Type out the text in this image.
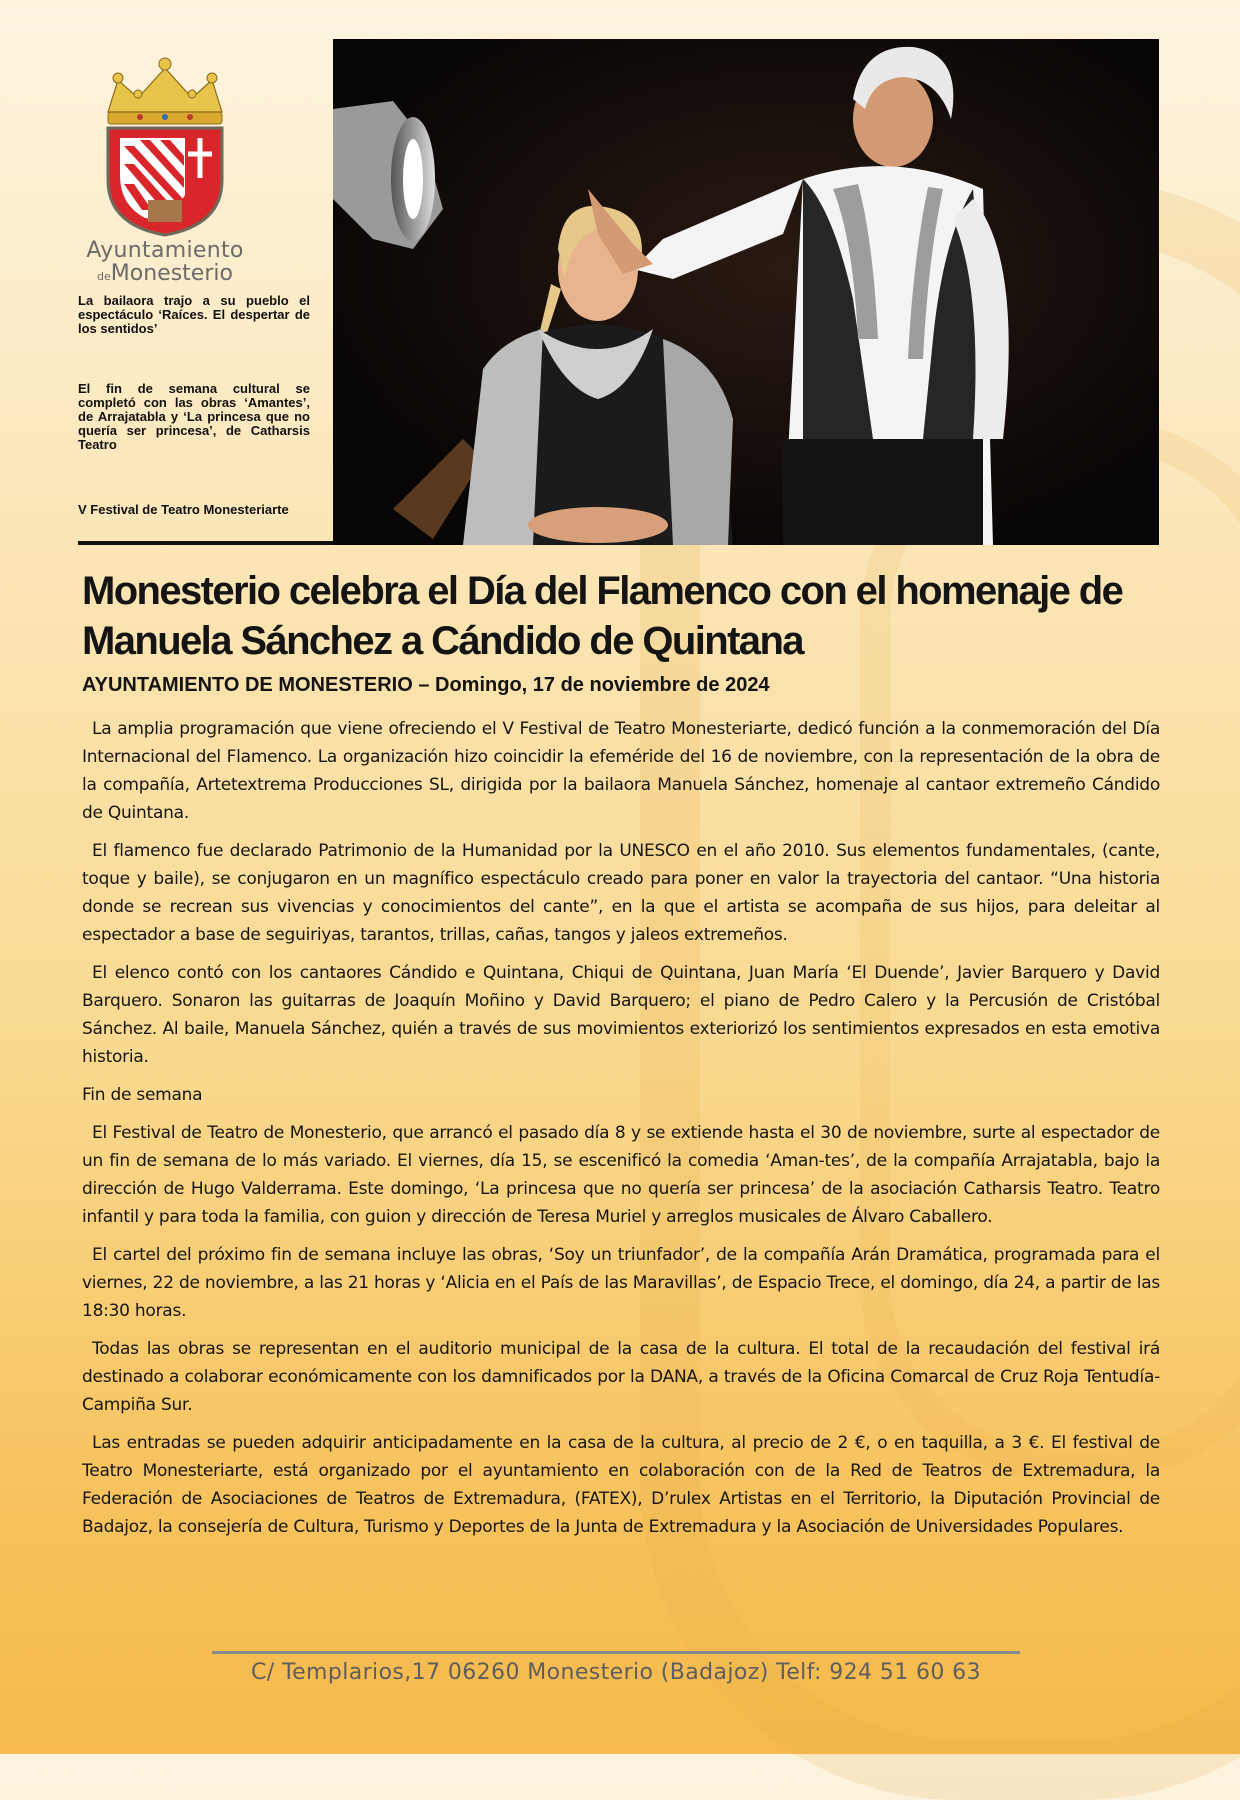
Ayuntamiento
deMonesterio

La bailaora trajo a su pueblo el espectáculo ‘Raíces. El despertar de los sentidos’

El fin de semana cultural se completó con las obras ‘Amantes’, de Arrajatabla y ‘La princesa que no quería ser princesa’, de Catharsis Teatro

V Festival de Teatro Monesteriarte

Monesterio celebra el Día del Flamenco con el homenaje de Manuela Sánchez a Cándido de Quintana

AYUNTAMIENTO DE MONESTERIO – Domingo, 17 de noviembre de 2024

La amplia programación que viene ofreciendo el V Festival de Teatro Monesteriarte, dedicó función a la conmemoración del Día Internacional del Flamenco. La organización hizo coincidir la efeméride del 16 de noviembre, con la representación de la obra de la compañía, Artetextrema Producciones SL, dirigida por la bailaora Manuela Sánchez, homenaje al cantaor extremeño Cándido de Quintana.

El flamenco fue declarado Patrimonio de la Humanidad por la UNESCO en el año 2010. Sus elementos fundamentales, (cante, toque y baile), se conjugaron en un magnífico espectáculo creado para poner en valor la trayectoria del cantaor. “Una historia donde se recrean sus vivencias y conocimientos del cante”, en la que el artista se acompaña de sus hijos, para deleitar al espectador a base de seguiriyas, tarantos, trillas, cañas, tangos y jaleos extremeños.

El elenco contó con los cantaores Cándido e Quintana, Chiqui de Quintana, Juan María ‘El Duende’, Javier Barquero y David Barquero. Sonaron las guitarras de Joaquín Moñino y David Barquero; el piano de Pedro Calero y la Percusión de Cristóbal Sánchez. Al baile, Manuela Sánchez, quién a través de sus movimientos exteriorizó los sentimientos expresados en esta emotiva historia.

Fin de semana

El Festival de Teatro de Monesterio, que arrancó el pasado día 8 y se extiende hasta el 30 de noviembre, surte al espectador de un fin de semana de lo más variado. El viernes, día 15, se escenificó la comedia ‘Aman-tes’, de la compañía Arrajatabla, bajo la dirección de Hugo Valderrama. Este domingo, ‘La princesa que no quería ser princesa’ de la asociación Catharsis Teatro. Teatro infantil y para toda la familia, con guion y dirección de Teresa Muriel y arreglos musicales de Álvaro Caballero.

El cartel del próximo fin de semana incluye las obras, ‘Soy un triunfador’, de la compañía Arán Dramática, programada para el viernes, 22 de noviembre, a las 21 horas y ‘Alicia en el País de las Maravillas’, de Espacio Trece, el domingo, día 24, a partir de las 18:30 horas.

Todas las obras se representan en el auditorio municipal de la casa de la cultura. El total de la recaudación del festival irá destinado a colaborar económicamente con los damnificados por la DANA, a través de la Oficina Comarcal de Cruz Roja Tentudía-Campiña Sur.

Las entradas se pueden adquirir anticipadamente en la casa de la cultura, al precio de 2 €, o en taquilla, a 3 €. El festival de Teatro Monesteriarte, está organizado por el ayuntamiento en colaboración con de la Red de Teatros de Extremadura, la Federación de Asociaciones de Teatros de Extremadura, (FATEX), D’rulex Artistas en el Territorio, la Diputación Provincial de Badajoz, la consejería de Cultura, Turismo y Deportes de la Junta de Extremadura y la Asociación de Universidades Populares.

C/ Templarios,17 06260 Monesterio (Badajoz) Telf: 924 51 60 63
